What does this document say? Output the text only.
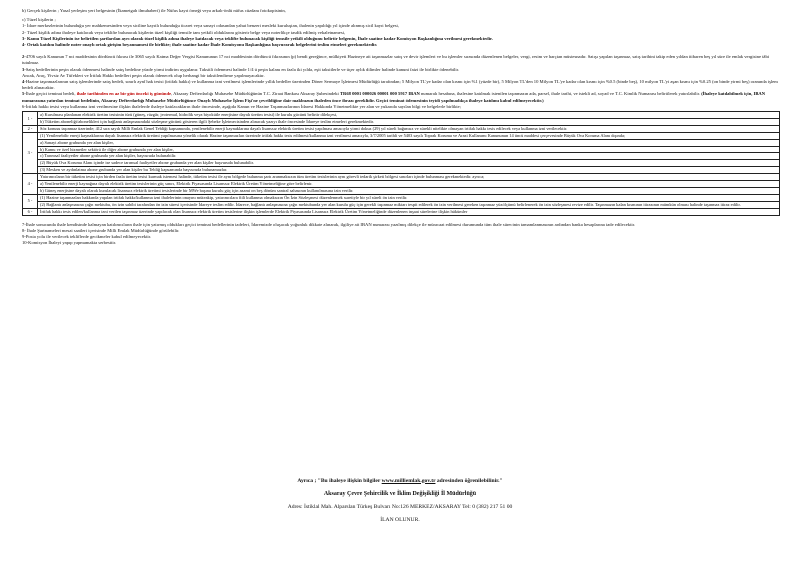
b) Gerçek kişilerin ; Yasal yerleşim yeri belgesinin (İkametgah ilmuhaberi) ile Nüfus kayıt örneği veya arkalı-önlü nüfus cüzdanı fotokopisinin,

c) Tüzel kişilerin ;

1- İdare merkezlerinin bulunduğu yer mahkemesinden veya siciline kayıtlı bulunduğu ticaret veya sanayi odasından yahut benzeri mesleki kuruluştan, ihalenin yapıldığı yıl içinde alınmış sicil kayıt belgesi,

2- Tüzel kişilik adına ihaleye katılacak veya teklifte bulunacak kişilerin tüzel kişiliği temsile tam yetkili olduklarını gösterir belge veya noterlikçe tasdik edilmiş vekaletnamesi,

3- Kamu Tüzel Kişilerinin ise belirtilen şartlardan ayrı olarak tüzel kişilik adına ihaleye katılacak veya teklifte bulunacak kişiliği temsile yetkili olduğunu belirtir belgenin, İhale saatine kadar Komisyon Başkanlığına verilmesi gerekmektedir.

4- Ortak katılım halinde noter onaylı ortak girişim beyannamesi ile birlikte; ihale saatine kadar İhale Komisyonu Başkanlığına başvurarak belgelerini teslim etmeleri gerekmektedir.

2-4706 sayılı Kanunun 7 nci maddesinin dördüncü fıkrası ile 3065 sayılı Katma Değer Vergisi Kanununun 17 nci maddesinin dördüncü fıkrasının (p) bendi gereğince, mülkiyeti Hazineye ait taşınmazlar satış ve devir işlemleri ve bu işlemler sırasında düzenlenen belgeler, vergi, resim ve harçtan müstesnadır. Satışı yapılan taşınmaz, satış tarihini takip eden yıldan itibaren beş yıl süre ile emlak vergisine tâbi tutulmaz.

3-Satış bedellerinin peşin olarak ödenmesi halinde satış bedeline yüzde yirmi indirim uygulanır. Taksitli ödenmesi halinde 1/4 ü peşin kalanı en fazla iki yılda, eşit taksitlerle ve üçer aylık dilimler halinde kanuni faizi ile birlikte ödenebilir.

Ancak, Araç, Yivsiz Av Tüfekleri ve İrtifak Hakkı bedelleri peşin olarak ödenecek olup herhangi bir taksitlendirme yapılmayacaktır.

4-Hazine taşınmazlarının satış işlemlerinde satış bedeli, sınırlı aynî hak tesisi (irtifak hakkı) ve kullanma izni verilmesi işlemlerinde yıllık bedeller üzerinden Döner Sermaye İşletmesi Müdürlüğü tarafından; 5 Milyon TL'ye kadar olan kısmı için %1 (yüzde bir), 5 Milyon TL'den 10 Milyon TL'ye kadar olan kısmı için %0.5 (binde beş), 10 milyon TL'yi aşan kısmı için %0.25 (on binde yirmi beş) oranında işlem bedeli alınacaktır.

5-İhale geçici teminat bedeli, ihale tarihinden en az bir gün önceki iş gününde, Aksaray Defterdarlığı Muhasebe Müdürlüğünün T.C. Ziraat Bankası Aksaray Şubesindeki TR68 0001 000026 00001 000 5917 IBAN numaralı hesabına, ihalesine katılmak istenilen taşınmazın ada, parsel, ihale tarihi, ve istekli ad, soyad ve T.C. Kimlik Numarası belirtilerek yatırılabilir. (İhaleye katılabilmek için, IBAN numarasına yatırılan teminat bedelinin, Aksaray Defterdarlığı Muhasebe Müdürlüğünce Onaylı Muhasebe İşlem Fişi'ne çevrildiğine dair makbuzun ihaleden önce ibrazı gereklidir. Geçici teminat ödemesinin teyidi yapılmadıkça ihaleye katılımı kabul edilmeyecektir.)

6-İrtifak hakkı tesisi veya kullanma izni verilmesine ilişkin ihalelerde ihaleye katılacakların ihale öncesinde, aşağıda Kanun ve Hazine Taşınmazlarının İdaresi Hakkında Yönetmelikte yer alan ve yukarıda sayılan bilgi ve belgelerle birlikte;

1 -	a) Kurulması planlanan elektrik üretim tesisinin türü (güneş, rüzgâr, jeotermal, hidrolik veya biyokütle enerjisine dayalı üretim tesisi) ile kurulu gücünü belirtir dilekçesi,
	b) Tüketim aboneliği/abonelikleri için bağlantı anlaşmasındaki sözleşme gücünü gösteren ilgili Şebeke İşletmecisinden alınacak yazıyı ihale öncesinde İdareye teslim etmeleri gerekmektedir.
2 -	Söz konusu taşınmaz üzerinde; 412 sıra sayılı Milli Emlak Genel Tebliği kapsamında, yenilenebilir enerji kaynaklarına dayalı lisanssız elektrik üretim tesisi yapılması amacıyla yirmi dokuz (29) yıl süreli bağımsız ve sürekli nitelikte olmayan irtifak hakkı tesis edilecek veya kullanma izni verilecektir.
3 -	(1) Yenilenebilir enerji kaynaklarına dayalı lisanssız elektrik üretimi yapılmasına yönelik olarak Hazine taşınmazları üzerinde irtifak hakkı tesis edilmesi/kullanma izni verilmesi amacıyla, 3/7/2005 tarihli ve 5403 sayılı Toprak Koruma ve Arazi Kullanımı Kanununun 14 üncü maddesi çerçevesinde Büyük Ova Koruma Alanı dışında;
	a) Sanayi abone grubunda yer alan kişiler,
	b) Kamu ve özel hizmetler sektörü ile diğer abone grubunda yer alan kişiler,
	c) Tarımsal faaliyetler abone grubunda yer alan kişiler, başvuruda bulunabilir.
	(2) Büyük Ova Koruma Alanı içinde ise sadece tarımsal faaliyetler abone grubunda yer alan kişiler başvuruda bulunabilir.
	(3) Mesken ve aydınlatma abone grubunda yer alan kişiler bu Tebliğ kapsamında başvuruda bulunamazlar.
4 -	Yatırımcıların bir tüketim tesisi için birden fazla üretim tesisi kurmak istemesi halinde, tüketim tesisi ile aynı bölgede bulunma şartı aranmaksızın tüm üretim tesislerinin aynı görevli tedarik şirketi bölgesi sınırları içinde bulunması gerekmektedir. ayrıca;
	a) Yenilenebilir enerji kaynağına dayalı elektrik üretim tesislerinin güç sınırı, Elektrik Piyasasında Lisanssız Elektrik Üretim Yönetmeliğine göre belirlenir.
	b) Güneş enerjisine dayalı olarak kurulacak lisanssız elektrik üretimi tesislerinde bir MWe başına kurulu güç için azami on beş dönüm santral sahasının kullanılmasına izin verilir.
5 -	(1) Hazine taşınmazları hakkında yapılan irtifak hakkı/kullanma izni ihalelerinin onayını müteakip, yatırımcılara fiili kullanma olmaksızın Ön İzin Sözleşmesi düzenlenmek suretiyle bir yıl süreli ön izin verilir.
	(2) Bağlantı anlaşmasına çağrı mektubu, ön izin sahibi tarafından ön izin süresi içerisinde İdareye teslim edilir. İdarece, bağlantı anlaşmasına çağrı mektubunda yer alan kurulu güç için gerekli taşınmaz miktarı tespit edilerek ön izin verilmesi gereken taşınmaz yüzölçümü belirlenerek ön izin sözleşmesi revize edilir. Taşınmazın kalan kısmının itirazının mümkün olması halinde taşınmaz itiraz edilir.
6 -	İrtifak hakkı tesis edilen/kullanma izni verilen taşınmaz üzerinde yapılacak olan lisanssız elektrik üretim tesislerine ilişkin işlemlerde Elektrik Piyasasında Lisanssız Elektrik Üretim Yönetmeliğinde düzenlenen inşaat sürelerine ilişkin hükümler

7-İhale sonucunda ihale kendisinde kalmayan katılımcıların ihale için yatırmış oldukları geçici teminat bedellerinin iadeleri, İdaremizde oluşacak yoğunluk dikkate alınarak, ilgiliye ait IBAN numarası yazılmış dilekçe ile müracaat edilmesi durumunda tüm ihale sürecinin tamamlanmasının ardından banka hesaplarına iade edilecektir.

8- İhale Şartnameleri mesai saatleri içerisinde Milli Emlak Müdürlüğünde görülebilir.

9-Posta yolu ile verilecek tekliflerde gecikmeler kabul edilmeyecektir.

10-Komisyon İhaleyi yapıp yapmamakta serbesttir.

Ayrıca ; "Bu ihaleye ilişkin bilgiler www.milliemlak.gov.tr adresinden öğrenilebilinir."

Aksaray Çevre Şehircilik ve İklim Değişikliği İl Müdürlüğü

Adres: İstiklal Mah. Alparslan Türkeş Bulvarı No:126 MERKEZ/AKSARAY Tel: 0 (382) 217 51 00

İLAN OLUNUR.
